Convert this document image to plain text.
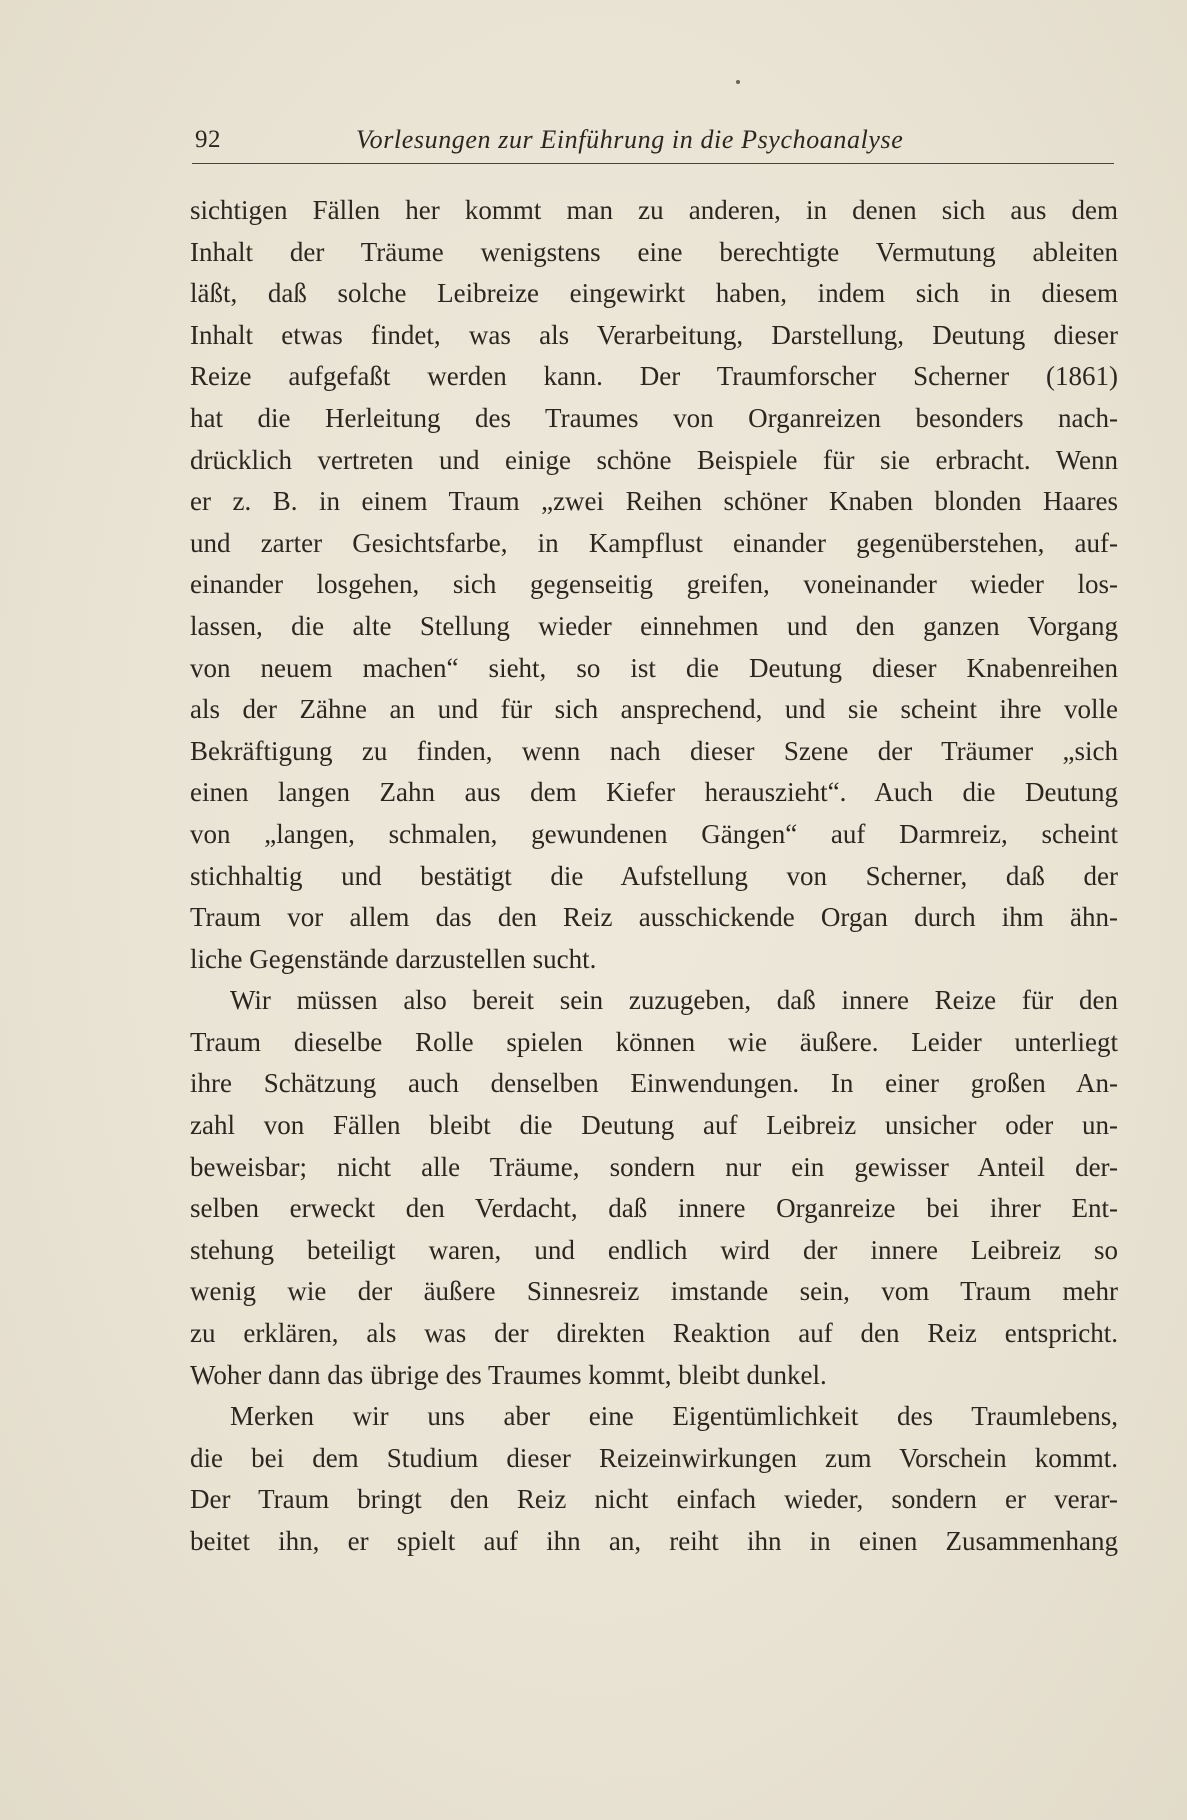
92	Vorlesungen zur Einführung in die Psychoanalyse
sichtigen Fällen her kommt man zu anderen, in denen sich aus dem
Inhalt der Träume wenigstens eine berechtigte Vermutung ableiten
läßt, daß solche Leibreize eingewirkt haben, indem sich in diesem
Inhalt etwas findet, was als Verarbeitung, Darstellung, Deutung dieser
Reize aufgefaßt werden kann. Der Traumforscher Scherner (1861)
hat die Herleitung des Traumes von Organreizen besonders nach-
drücklich vertreten und einige schöne Beispiele für sie erbracht. Wenn
er z. B. in einem Traum „zwei Reihen schöner Knaben blonden Haares
und zarter Gesichtsfarbe, in Kampflust einander gegenüberstehen, auf-
einander losgehen, sich gegenseitig greifen, voneinander wieder los-
lassen, die alte Stellung wieder einnehmen und den ganzen Vorgang
von neuem machen“ sieht, so ist die Deutung dieser Knabenreihen
als der Zähne an und für sich ansprechend, und sie scheint ihre volle
Bekräftigung zu finden, wenn nach dieser Szene der Träumer „sich
einen langen Zahn aus dem Kiefer herauszieht“. Auch die Deutung
von „langen, schmalen, gewundenen Gängen“ auf Darmreiz, scheint
stichhaltig und bestätigt die Aufstellung von Scherner, daß der
Traum vor allem das den Reiz ausschickende Organ durch ihm ähn-
liche Gegenstände darzustellen sucht.
Wir müssen also bereit sein zuzugeben, daß innere Reize für den
Traum dieselbe Rolle spielen können wie äußere. Leider unterliegt
ihre Schätzung auch denselben Einwendungen. In einer großen An-
zahl von Fällen bleibt die Deutung auf Leibreiz unsicher oder un-
beweisbar; nicht alle Träume, sondern nur ein gewisser Anteil der-
selben erweckt den Verdacht, daß innere Organreize bei ihrer Ent-
stehung beteiligt waren, und endlich wird der innere Leibreiz so
wenig wie der äußere Sinnesreiz imstande sein, vom Traum mehr
zu erklären, als was der direkten Reaktion auf den Reiz entspricht.
Woher dann das übrige des Traumes kommt, bleibt dunkel.
Merken wir uns aber eine Eigentümlichkeit des Traumlebens,
die bei dem Studium dieser Reizeinwirkungen zum Vorschein kommt.
Der Traum bringt den Reiz nicht einfach wieder, sondern er verar-
beitet ihn, er spielt auf ihn an, reiht ihn in einen Zusammenhang
